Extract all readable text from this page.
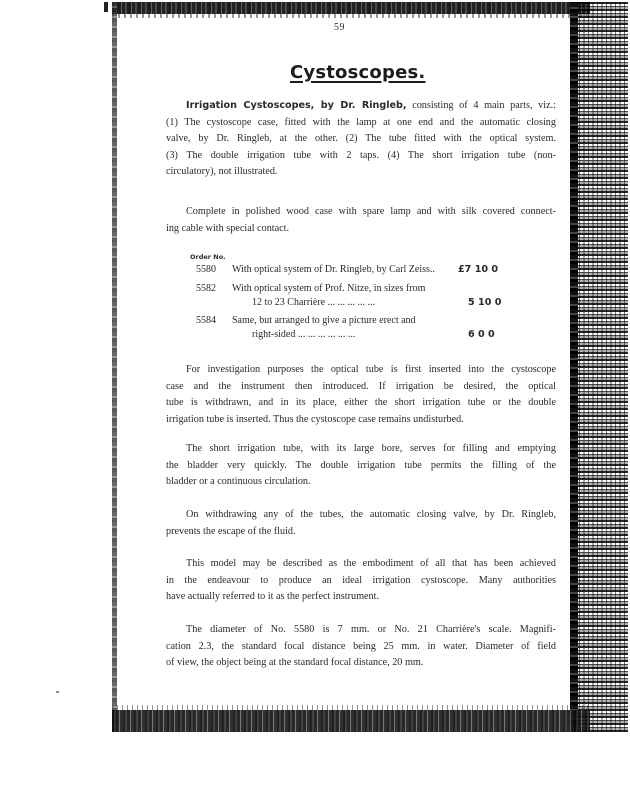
59
Cystoscopes.
Irrigation Cystoscopes, by Dr. Ringleb, consisting of 4 main parts, viz.:
(1) The cystoscope case, fitted with the lamp at one end and the automatic closing
valve, by Dr. Ringleb, at the other. (2) The tube fitted with the optical system.
(3) The double irrigation tube with 2 taps. (4) The short irrigation tube (non-
circulatory), not illustrated.
Complete in polished wood case with spare lamp and with silk covered connect-
ing cable with special contact.
Order No.
5580	With optical system of Dr. Ringleb, by Carl Zeiss..	£7 10 0
5582	With optical system of Prof. Nitze, in sizes from
12 to 23 Charrière ... ... ... ... ...	5 10 0
5584	Same, but arranged to give a picture erect and
right-sided ... ... ... ... ... ...	6 0 0
For investigation purposes the optical tube is first inserted into the cystoscope
case and the instrument then introduced. If irrigation be desired, the optical
tube is withdrawn, and in its place, either the short irrigation tube or the double
irrigation tube is inserted. Thus the cystoscope case remains undisturbed.
The short irrigation tube, with its large bore, serves for filling and emptying
the bladder very quickly. The double irrigation tube permits the filling of the
bladder or a continuous circulation.
On withdrawing any of the tubes, the automatic closing valve, by Dr. Ringleb,
prevents the escape of the fluid.
This model may be described as the embodiment of all that has been achieved
in the endeavour to produce an ideal irrigation cystoscope. Many authorities
have actually referred to it as the perfect instrument.
The diameter of No. 5580 is 7 mm. or No. 21 Charrière's scale. Magnifi-
cation 2.3, the standard focal distance being 25 mm. in water. Diameter of field
of view, the object being at the standard focal distance, 20 mm.
